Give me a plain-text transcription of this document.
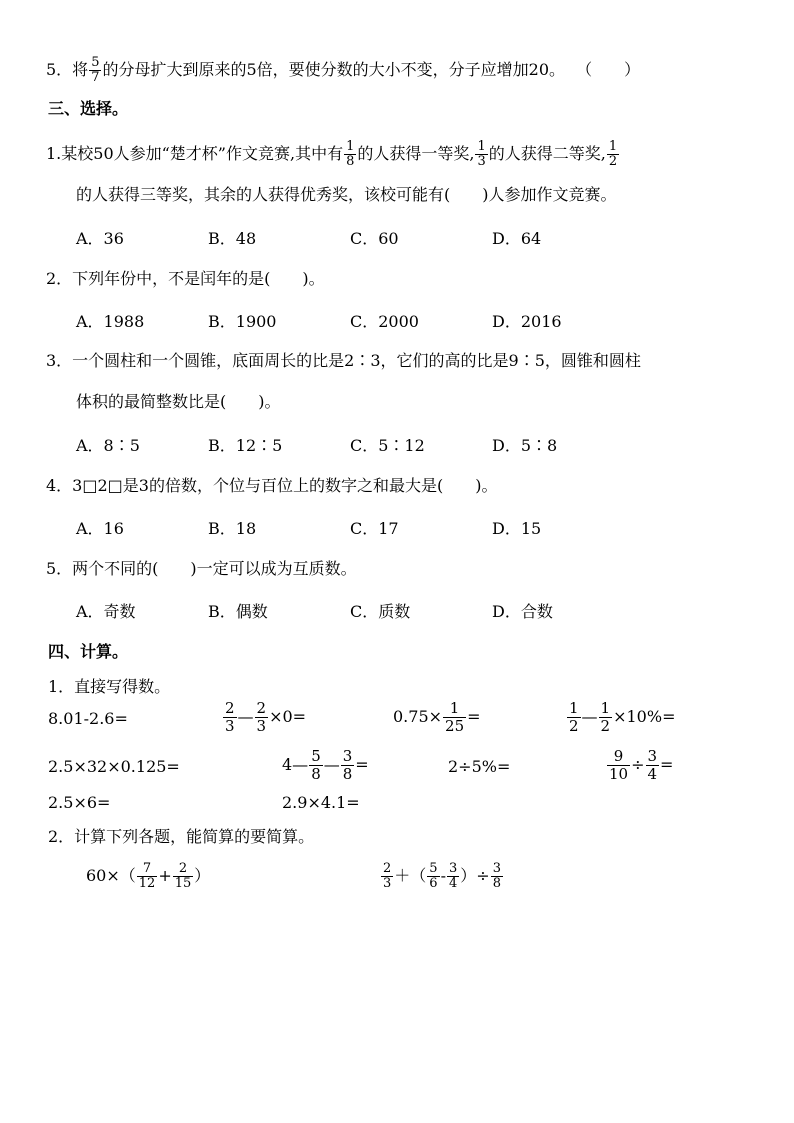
5．将 $\frac{5}{7}$ 的分母扩大到原来的5倍，要使分数的大小不变，分子应增加20。 （　　）
三、选择。
1.某校50人参加“楚才杯”作文竞赛,其中有 $\frac{1}{8}$ 的人获得一等奖, $\frac{1}{3}$ 的人获得二等奖, $\frac{1}{2}$
的人获得三等奖，其余的人获得优秀奖，该校可能有(　　)人参加作文竞赛。
A．36	B．48	C．60	D．64
2．下列年份中，不是闰年的是(　　)。
A．1988	B．1900	C．2000	D．2016
3．一个圆柱和一个圆锥，底面周长的比是2∶3，它们的高的比是9∶5，圆锥和圆柱
体积的最简整数比是(　　)。
A．8∶5	B．12∶5	C．5∶12	D．5∶8
4．3□2□是3的倍数，个位与百位上的数字之和最大是(　　)。
A．16	B．18	C．17	D．15
5．两个不同的(　　)一定可以成为互质数。
A．奇数	B．偶数	C．质数	D．合数
四、计算。
1．直接写得数。
8.01-2.6=	$\frac{2}{3}$ — $\frac{2}{3} \times 0=$	$0.75\times \frac{1}{25}$ =	$\frac{1}{2}$ — $\frac{1}{2} \times 10\%=$
2.5×32×0.125=	4— $\frac{5}{8}$ — $\frac{3}{8}$ =	2÷5%=	$\frac{9}{10} \div \frac{3}{4}$ =
2.5×6=	2.9×4.1=
2．计算下列各题，能简算的要简算。
$60\times( \frac{7}{12} + \frac{2}{15}$ ）	$\frac{2}{3}$ ＋（ $\frac{5}{6} - \frac{3}{4}$ ）÷ $\frac{3}{8}$
